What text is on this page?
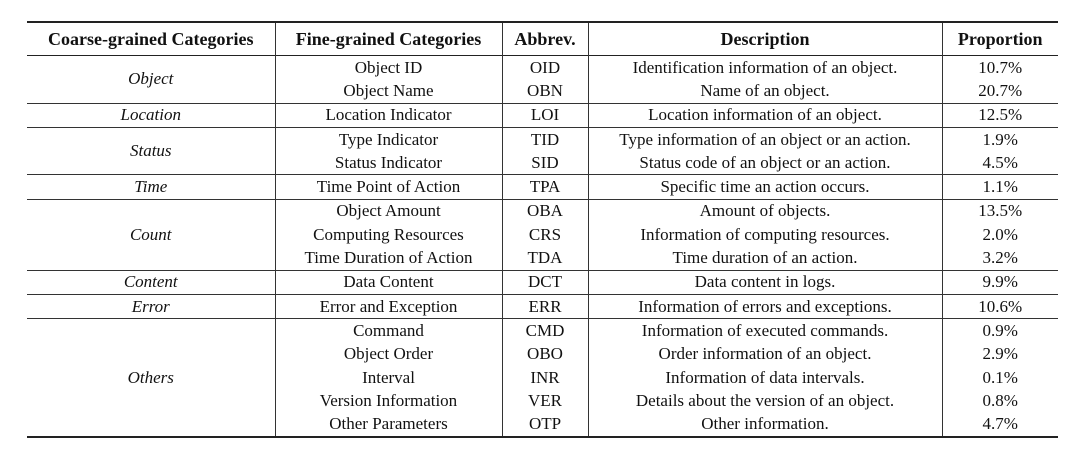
Coarse-grained Categories	Fine-grained Categories	Abbrev.	Description	Proportion
Object	Object ID	OID	Identification information of an object.	10.7%
	Object Name	OBN	Name of an object.	20.7%
Location	Location Indicator	LOI	Location information of an object.	12.5%
Status	Type Indicator	TID	Type information of an object or an action.	1.9%
	Status Indicator	SID	Status code of an object or an action.	4.5%
Time	Time Point of Action	TPA	Specific time an action occurs.	1.1%
Count	Object Amount	OBA	Amount of objects.	13.5%
	Computing Resources	CRS	Information of computing resources.	2.0%
	Time Duration of Action	TDA	Time duration of an action.	3.2%
Content	Data Content	DCT	Data content in logs.	9.9%
Error	Error and Exception	ERR	Information of errors and exceptions.	10.6%
Others	Command	CMD	Information of executed commands.	0.9%
	Object Order	OBO	Order information of an object.	2.9%
	Interval	INR	Information of data intervals.	0.1%
	Version Information	VER	Details about the version of an object.	0.8%
	Other Parameters	OTP	Other information.	4.7%
